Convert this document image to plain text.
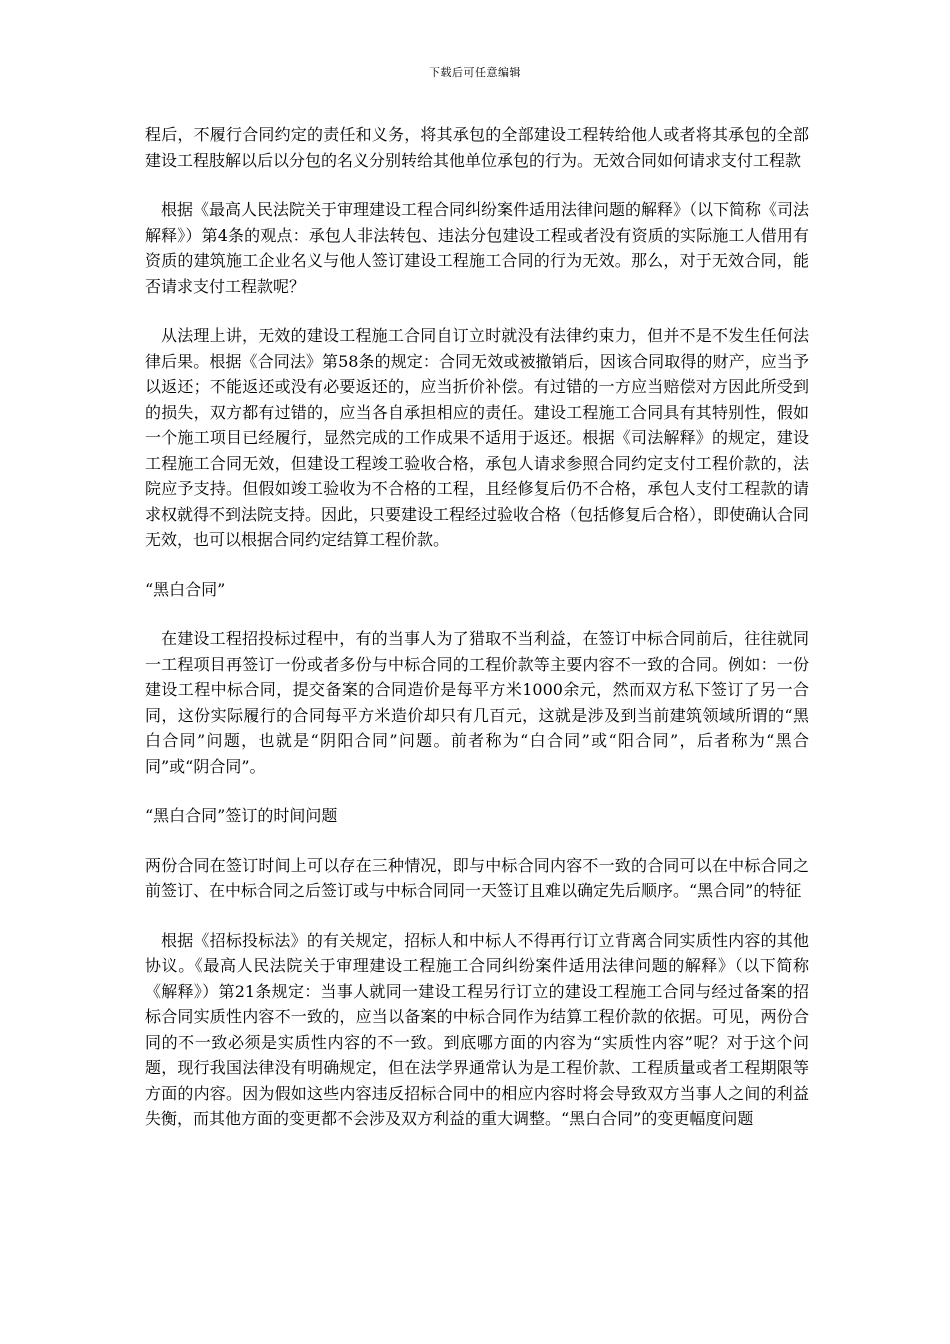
下载后可任意编辑

程后，不履行合同约定的责任和义务，将其承包的全部建设工程转给他人或者将其承包的全部建设工程肢解以后以分包的名义分别转给其他单位承包的行为。无效合同如何请求支付工程款

根据《最高人民法院关于审理建设工程合同纠纷案件适用法律问题的解释》（以下简称《司法解释》）第4条的观点：承包人非法转包、违法分包建设工程或者没有资质的实际施工人借用有资质的建筑施工企业名义与他人签订建设工程施工合同的行为无效。那么，对于无效合同，能否请求支付工程款呢？

从法理上讲，无效的建设工程施工合同自订立时就没有法律约束力，但并不是不发生任何法律后果。根据《合同法》第58条的规定：合同无效或被撤销后，因该合同取得的财产，应当予以返还；不能返还或没有必要返还的，应当折价补偿。有过错的一方应当赔偿对方因此所受到的损失，双方都有过错的，应当各自承担相应的责任。建设工程施工合同具有其特别性，假如一个施工项目已经履行，显然完成的工作成果不适用于返还。根据《司法解释》的规定，建设工程施工合同无效，但建设工程竣工验收合格，承包人请求参照合同约定支付工程价款的，法院应予支持。但假如竣工验收为不合格的工程，且经修复后仍不合格，承包人支付工程款的请求权就得不到法院支持。因此，只要建设工程经过验收合格（包括修复后合格），即使确认合同无效，也可以根据合同约定结算工程价款。

“黑白合同”

在建设工程招投标过程中，有的当事人为了猎取不当利益，在签订中标合同前后，往往就同一工程项目再签订一份或者多份与中标合同的工程价款等主要内容不一致的合同。例如：一份建设工程中标合同，提交备案的合同造价是每平方米1000余元，然而双方私下签订了另一合同，这份实际履行的合同每平方米造价却只有几百元，这就是涉及到当前建筑领域所谓的“黑白合同”问题，也就是“阴阳合同”问题。前者称为“白合同”或“阳合同”，后者称为“黑合同”或“阴合同”。

“黑白合同”签订的时间问题

两份合同在签订时间上可以存在三种情况，即与中标合同内容不一致的合同可以在中标合同之前签订、在中标合同之后签订或与中标合同同一天签订且难以确定先后顺序。“黑合同”的特征

根据《招标投标法》的有关规定，招标人和中标人不得再行订立背离合同实质性内容的其他协议。《最高人民法院关于审理建设工程施工合同纠纷案件适用法律问题的解释》（以下简称《解释》）第21条规定：当事人就同一建设工程另行订立的建设工程施工合同与经过备案的招标合同实质性内容不一致的，应当以备案的中标合同作为结算工程价款的依据。可见，两份合同的不一致必须是实质性内容的不一致。到底哪方面的内容为“实质性内容”呢？对于这个问题，现行我国法律没有明确规定，但在法学界通常认为是工程价款、工程质量或者工程期限等方面的内容。因为假如这些内容违反招标合同中的相应内容时将会导致双方当事人之间的利益失衡，而其他方面的变更都不会涉及双方利益的重大调整。“黑白合同”的变更幅度问题
